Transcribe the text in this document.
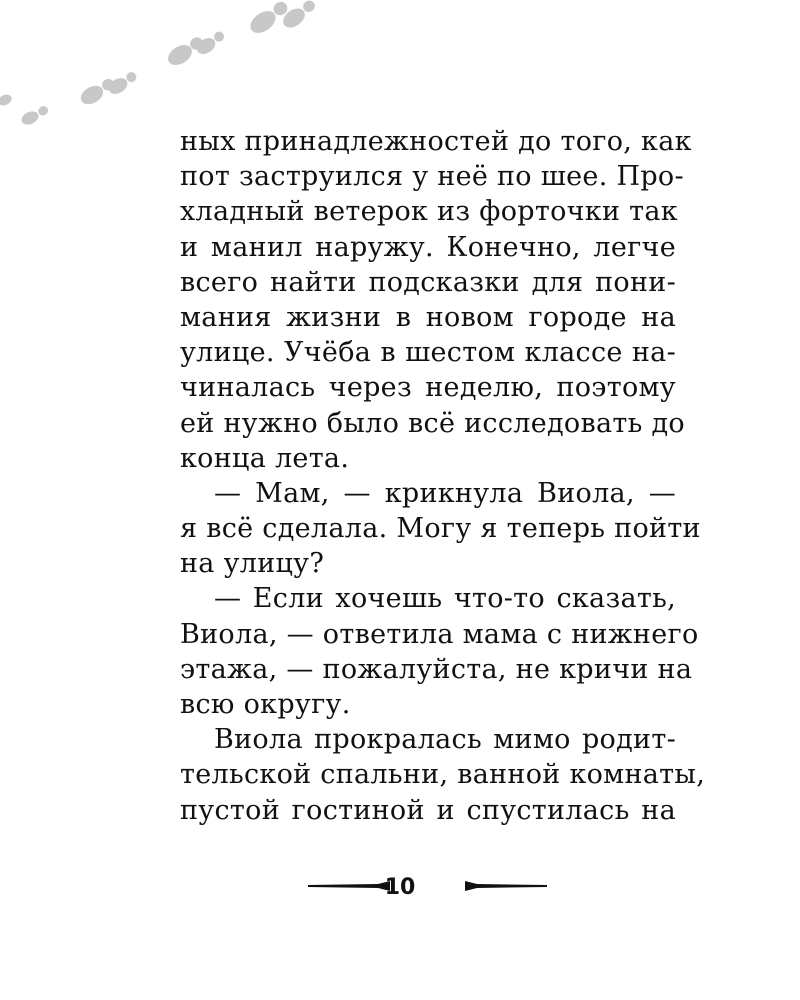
ных принадлежностей до того, как
пот заструился у неё по шее. Про-
хладный ветерок из форточки так
и манил наружу. Конечно, легче
всего найти подсказки для пони-
мания жизни в новом городе на
улице. Учёба в шестом классе на-
чиналась через неделю, поэтому
ей нужно было всё исследовать до
конца лета.
— Мам, — крикнула Виола, —
я всё сделала. Могу я теперь пойти
на улицу?
— Если хочешь что-то сказать,
Виола, — ответила мама с нижнего
этажа, — пожалуйста, не кричи на
всю округу.
Виола прокралась мимо родит-
тельской спальни, ванной комнаты,
пустой гостиной и спустилась на
10
